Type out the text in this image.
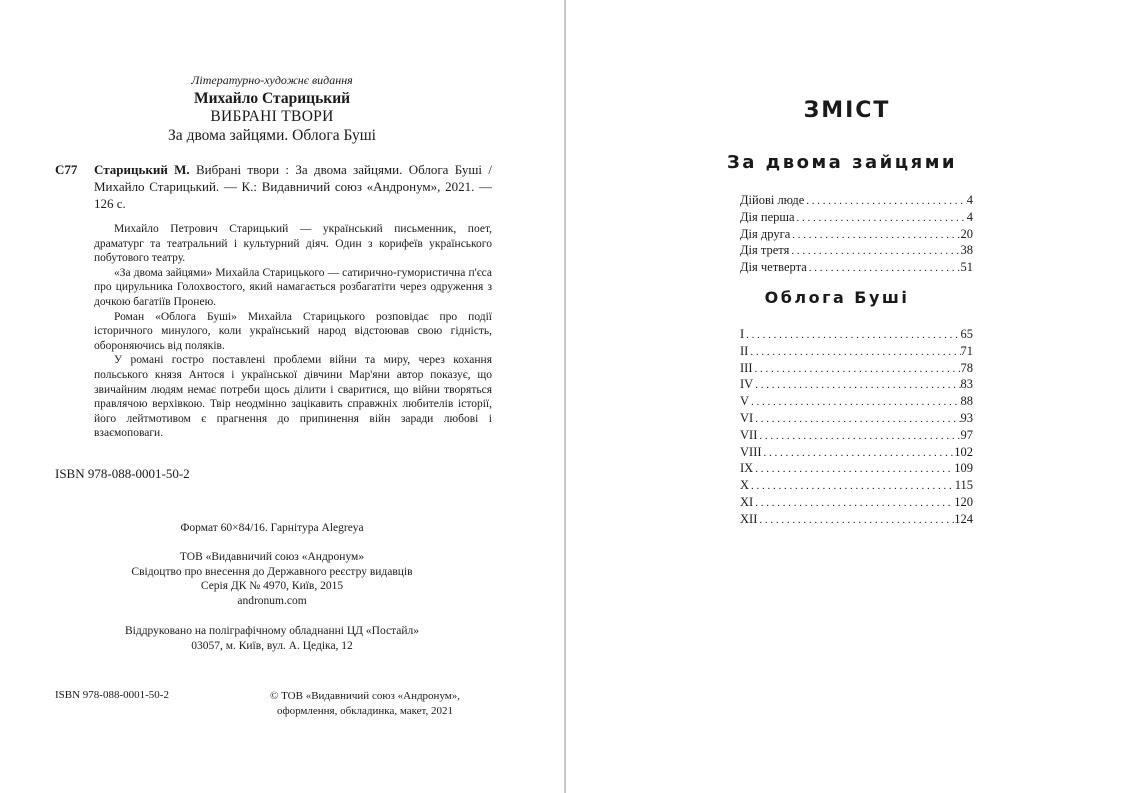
Літературно-художнє видання
Михайло Старицький
ВИБРАНІ ТВОРИ
За двома зайцями. Облога Буші
С77 Старицький М. Вибрані твори : За двома зайцями. Облога Буші / Михайло Старицький. — К.: Видавничий союз «Андронум», 2021. — 126 с.

Михайло Петрович Старицький — український письменник, поет, драматург та театральний і культурний діяч. Один з корифеїв українського побутового театру.

«За двома зайцями» Михайла Старицького — сатирично-гумористична п'єса про цирульника Голохвостого, який намагається розбагатіти через одруження з дочкою багатіїв Пронею.

Роман «Облога Буші» Михайла Старицького розповідає про події історичного минулого, коли український народ відстоював свою гідність, обороняючись від поляків.

У романі гостро поставлені проблеми війни та миру, через кохання польського князя Антося і української дівчини Мар'яни автор показує, що звичайним людям немає потреби щось ділити і сваритися, що війни творяться правлячою верхівкою. Твір неодмінно зацікавить справжніх любителів історії, його лейтмотивом є прагнення до припинення війн заради любові і взаємоповаги.

ISBN 978-088-0001-50-2
Формат 60×84/16. Гарнітура Alegreya
ТОВ «Видавничий союз «Андронум»
Свідоцтво про внесення до Державного реєстру видавців
Серія ДК № 4970, Київ, 2015
andronum.com
Віддруковано на поліграфічному обладнанні ЦД «Постайл»
03057, м. Київ, вул. А. Цедіка, 12
ISBN 978-088-0001-50-2	© ТОВ «Видавничий союз «Андронум»,
оформлення, обкладинка, макет, 2021
ЗМІСТ
За двома зайцями
Дійові люде . . .	4
Дія перша . . .	4
Дія друга . . .	20
Дія третя . . .	38
Дія четверта . . .	51
Облога Буші
I . . .	65
II . . .	71
III . . .	78
IV . . .	83
V . . .	88
VI . . .	93
VII . . .	97
VIII . . .	102
IX . . .	109
X . . .	115
XI . . .	120
XII . . .	124
